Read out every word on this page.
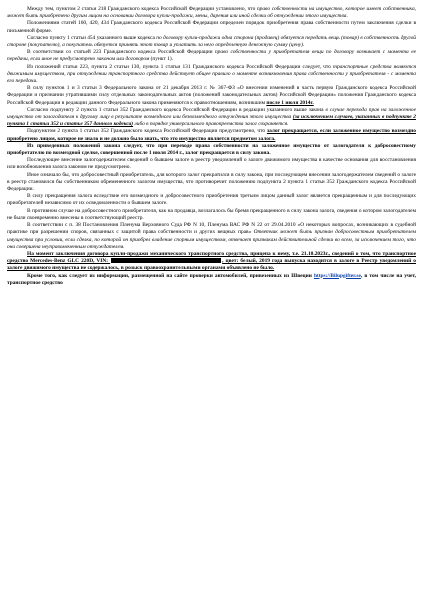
Между тем, пунктом 2 статьи 218 Гражданского кодекса Российской Федерации установлено, что право собственности на имущество, которое имеет собственника, может быть приобретено другим лицом на основании договора купли-продажи, мены, дарения или иной сделки об отчуждении этого имущества.

Положениями статей 160, 420, 434 Гражданского кодекса Российской Федерации определен порядок приобретения права собственности путем заключения сделки в письменной форме.

Согласно пункту 1 статьи 454 указанного выше кодекса по договору купли-продажи одна сторона (продавец) обязуется передать вещь (товар) в собственность другой стороне (покупателю), а покупатель обязуется принять этот товар и уплатить за него определенную денежную сумму (цену).

В соответствии со статьей 223 Гражданского кодекса Российской Федерации право собственности у приобретателя вещи по договору возникает с момента ее передачи, если иное не предусмотрено законом или договором (пункт 1).

Из положений статьи 223, пункта 2 статьи 130, пункта 1 статьи 131 Гражданского кодекса Российской Федерации следует, что транспортные средства являются движимым имуществом, при отчуждении транспортного средства действует общее правило о моменте возникновения права собственности у приобретателя - с момента его передачи.

В силу пунктов 1 и 3 статьи 3 Федерального закона от 21 декабря 2013 г. № 367-ФЗ «О внесении изменений в часть первую Гражданского кодекса Российской Федерации и признании утратившими силу отдельных законодательных актов (положений законодательных актов) Российской Федерации» положения Гражданского кодекса Российской Федерации в редакции данного Федерального закона применяются к правоотношениям, возникшим после 1 июля 2014г.

Согласно подпункту 2 пункта 1 статьи 352 Гражданского кодекса Российской Федерации в редакции указанного выше закона в случае перехода прав на заложенное имущество от залогодателя к другому лицу в результате возмездного или безвозмездного отчуждения этого имущества (за исключением случаев, указанных в подпункте 2 пункта 1 статьи 352 и статье 357 данного кодекса) либо в порядке универсального правопреемства залог сохраняется.

Подпунктом 2 пункта 1 статьи 352 Гражданского кодекса Российской Федерации предусмотрено, что залог прекращается, если заложенное имущество возмездно приобретено лицом, которое не знало и не должно было знать, что это имущество является предметом залога.

Из приведенных положений закона следует, что при переходе права собственности на заложенное имущество от залогодателя к добросовестному приобретателю по возмездной сделке, совершенной после 1 июля 2014 г., залог прекращается в силу закона.

Последующее внесение залогодержателем сведений о бывшем залоге в реестр уведомлений о залоге движимого имущества в качестве основания для восстановления или возобновления залога законом не предусмотрено.

Иное означало бы, что добросовестный приобретатель, для которого залог прекратился в силу закона, при последующем внесении залогодержателем сведений о залоге в реестр становился бы собственником обремененного залогом имущества, что противоречит положению подпункта 2 пункта 1 статьи 352 Гражданского кодекса Российской Федерации.

В силу прекращения залога вследствие его возмездного и добросовестного приобретения третьим лицом данный залог является прекращенным и для последующих приобретателей независимо от их осведомленности о бывшем залоге.

В противном случае на добросовестного приобретателя, как на продавца, возлагалось бы бремя прекращенного в силу закона залога, сведения о котором залогодателем не были своевременно внесены в соответствующий реестр.

В соответствии с п. 38 Постановления Пленума Верховного Суда РФ N 10, Пленума ВАС РФ N 22 от 29.04.2010 «О некоторых вопросах, возникающих в судебной практике при разрешении споров, связанных с защитой права собственности и других вещных прав» Ответчик может быть признан добросовестным приобретателем имущества при условии, если сделка, по которой он приобрел владение спорным имуществом, отвечает признакам действительной сделки во всем, за исключением того, что она совершена неуправомоченным отчуждателем.

На момент заключения договора купли-продажи механического транспортного средства, прицепа к нему, т.е. 21.10.2023г., сведений о том, что транспортное средство Mercedes-Benz GLC 220D, VIN:	, цвет: белый, 2019 года выпуска находится в залоге в Реестр уведомлений о залоге движимого имущества не содержалось, в розыск правоохранительными органами объявлено не было.

Кроме того, как следует из информации, размещенной на сайте проверки автомобилей, привезенных из Швеции https://Bilupgifter.se, в том числе на учет, транспортное средство
